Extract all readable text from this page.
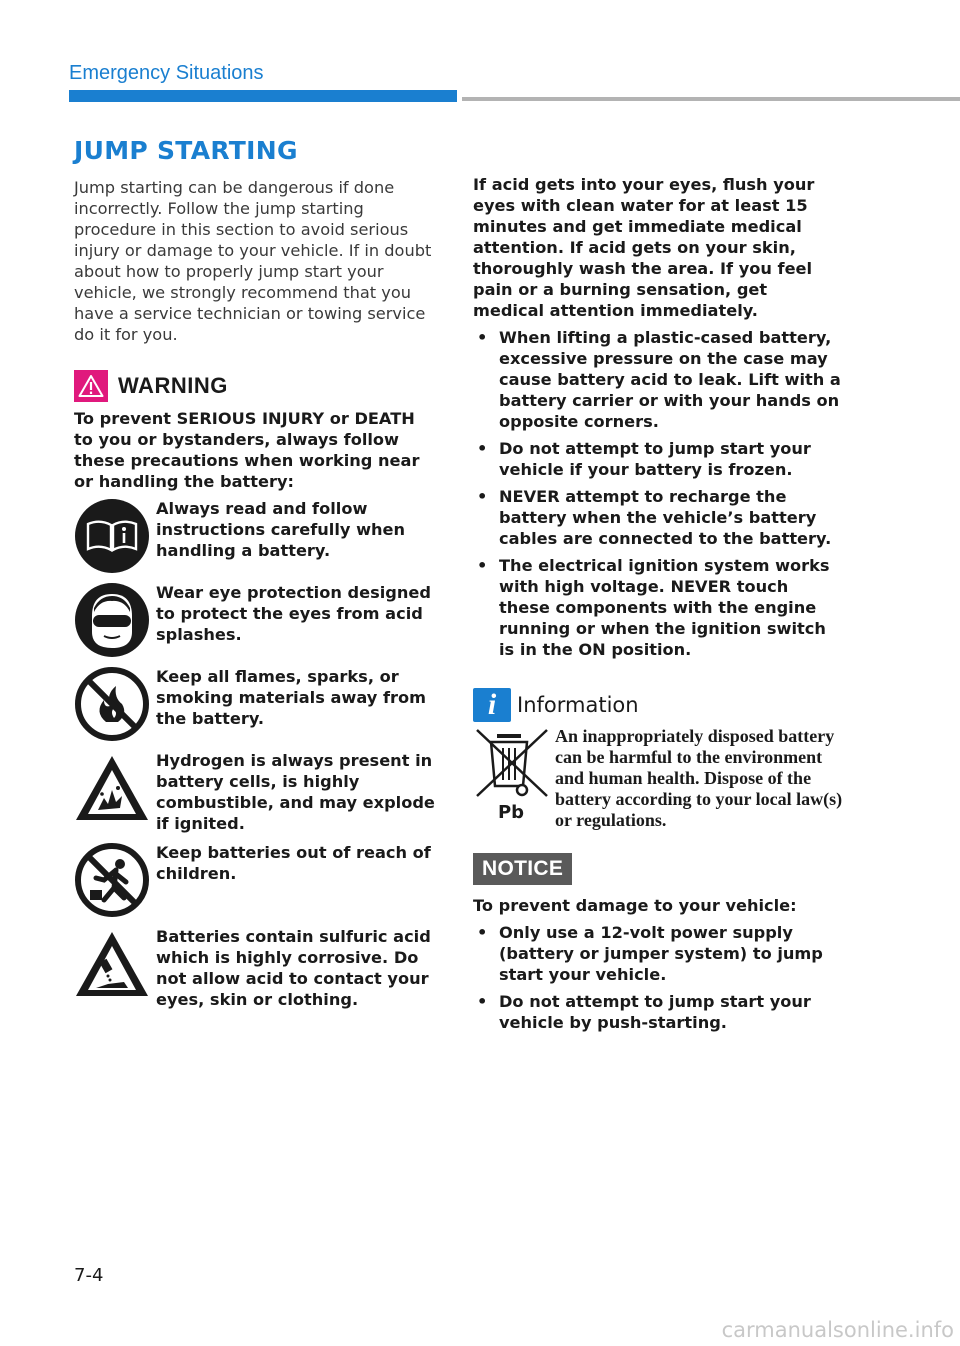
Emergency Situations
JUMP STARTING
Jump starting can be dangerous if done incorrectly. Follow the jump starting procedure in this section to avoid serious injury or damage to your vehicle. If in doubt about how to properly jump start your vehicle, we strongly recommend that you have a service technician or towing service do it for you.
WARNING
To prevent SERIOUS INJURY or DEATH to you or bystanders, always follow these precautions when working near or handling the battery:
Always read and follow instructions carefully when handling a battery.
Wear eye protection designed to protect the eyes from acid splashes.
Keep all flames, sparks, or smoking materials away from the battery.
Hydrogen is always present in battery cells, is highly combustible, and may explode if ignited.
Keep batteries out of reach of children.
Batteries contain sulfuric acid which is highly corrosive. Do not allow acid to contact your eyes, skin or clothing.
If acid gets into your eyes, flush your eyes with clean water for at least 15 minutes and get immediate medical attention. If acid gets on your skin, thoroughly wash the area. If you feel pain or a burning sensation, get medical attention immediately.
• When lifting a plastic-cased battery, excessive pressure on the case may cause battery acid to leak. Lift with a battery carrier or with your hands on opposite corners.
• Do not attempt to jump start your vehicle if your battery is frozen.
• NEVER attempt to recharge the battery when the vehicle’s battery cables are connected to the battery.
• The electrical ignition system works with high voltage. NEVER touch these components with the engine running or when the ignition switch is in the ON position.
i Information
Pb
An inappropriately disposed battery can be harmful to the environment and human health. Dispose of the battery according to your local law(s) or regulations.
NOTICE
To prevent damage to your vehicle:
• Only use a 12-volt power supply (battery or jumper system) to jump start your vehicle.
• Do not attempt to jump start your vehicle by push-starting.
7-4
carmanualsonline.info
